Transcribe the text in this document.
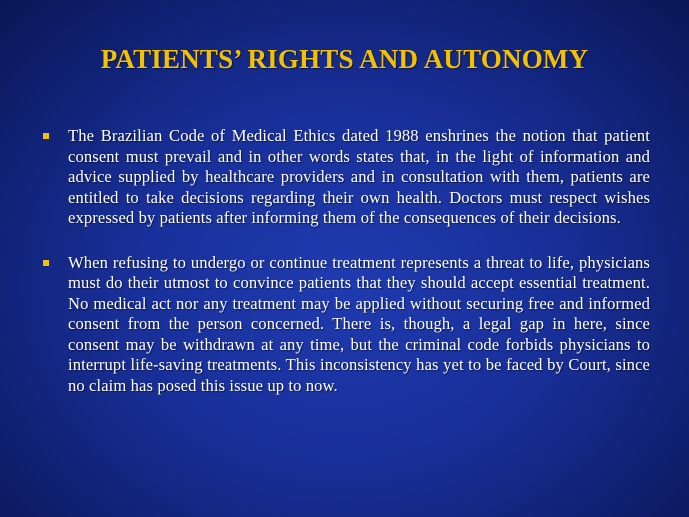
PATIENTS’ RIGHTS AND AUTONOMY
The Brazilian Code of Medical Ethics dated 1988 enshrines the notion that patient consent must prevail and in other words states that, in the light of information and advice supplied by healthcare providers and in consultation with them, patients are entitled to take decisions regarding their own health. Doctors must respect wishes expressed by patients after informing them of the consequences of their decisions.
When refusing to undergo or continue treatment represents a threat to life, physicians must do their utmost to convince patients that they should accept essential treatment. No medical act nor any treatment may be applied without securing free and informed consent from the person concerned. There is, though, a legal gap in here, since consent may be withdrawn at any time, but the criminal code forbids physicians to interrupt life-saving treatments. This inconsistency has yet to be faced by Court, since no claim has posed this issue up to now.
